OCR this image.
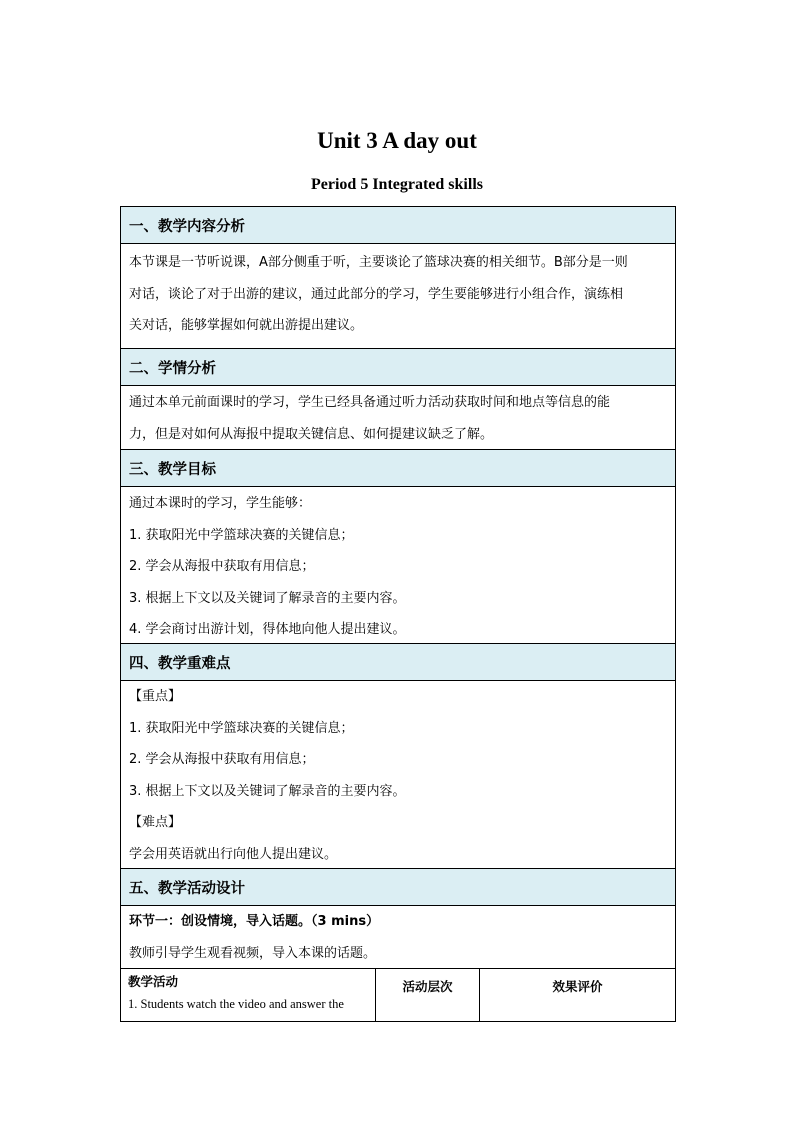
Unit 3 A day out
Period 5 Integrated skills
一、教学内容分析
本节课是一节听说课，A部分侧重于听，主要谈论了篮球决赛的相关细节。B部分是一则
对话，谈论了对于出游的建议，通过此部分的学习，学生要能够进行小组合作，演练相
关对话，能够掌握如何就出游提出建议。
二、学情分析
通过本单元前面课时的学习，学生已经具备通过听力活动获取时间和地点等信息的能
力，但是对如何从海报中提取关键信息、如何提建议缺乏了解。
三、教学目标
通过本课时的学习，学生能够：
1. 获取阳光中学篮球决赛的关键信息；
2. 学会从海报中获取有用信息；
3. 根据上下文以及关键词了解录音的主要内容。
4. 学会商讨出游计划，得体地向他人提出建议。
四、教学重难点
【重点】
1. 获取阳光中学篮球决赛的关键信息；
2. 学会从海报中获取有用信息；
3. 根据上下文以及关键词了解录音的主要内容。
【难点】
学会用英语就出行向他人提出建议。
五、教学活动设计
环节一：创设情境，导入话题。（3 mins）
教师引导学生观看视频，导入本课的话题。
教学活动
1. Students watch the video and answer the
活动层次	效果评价
